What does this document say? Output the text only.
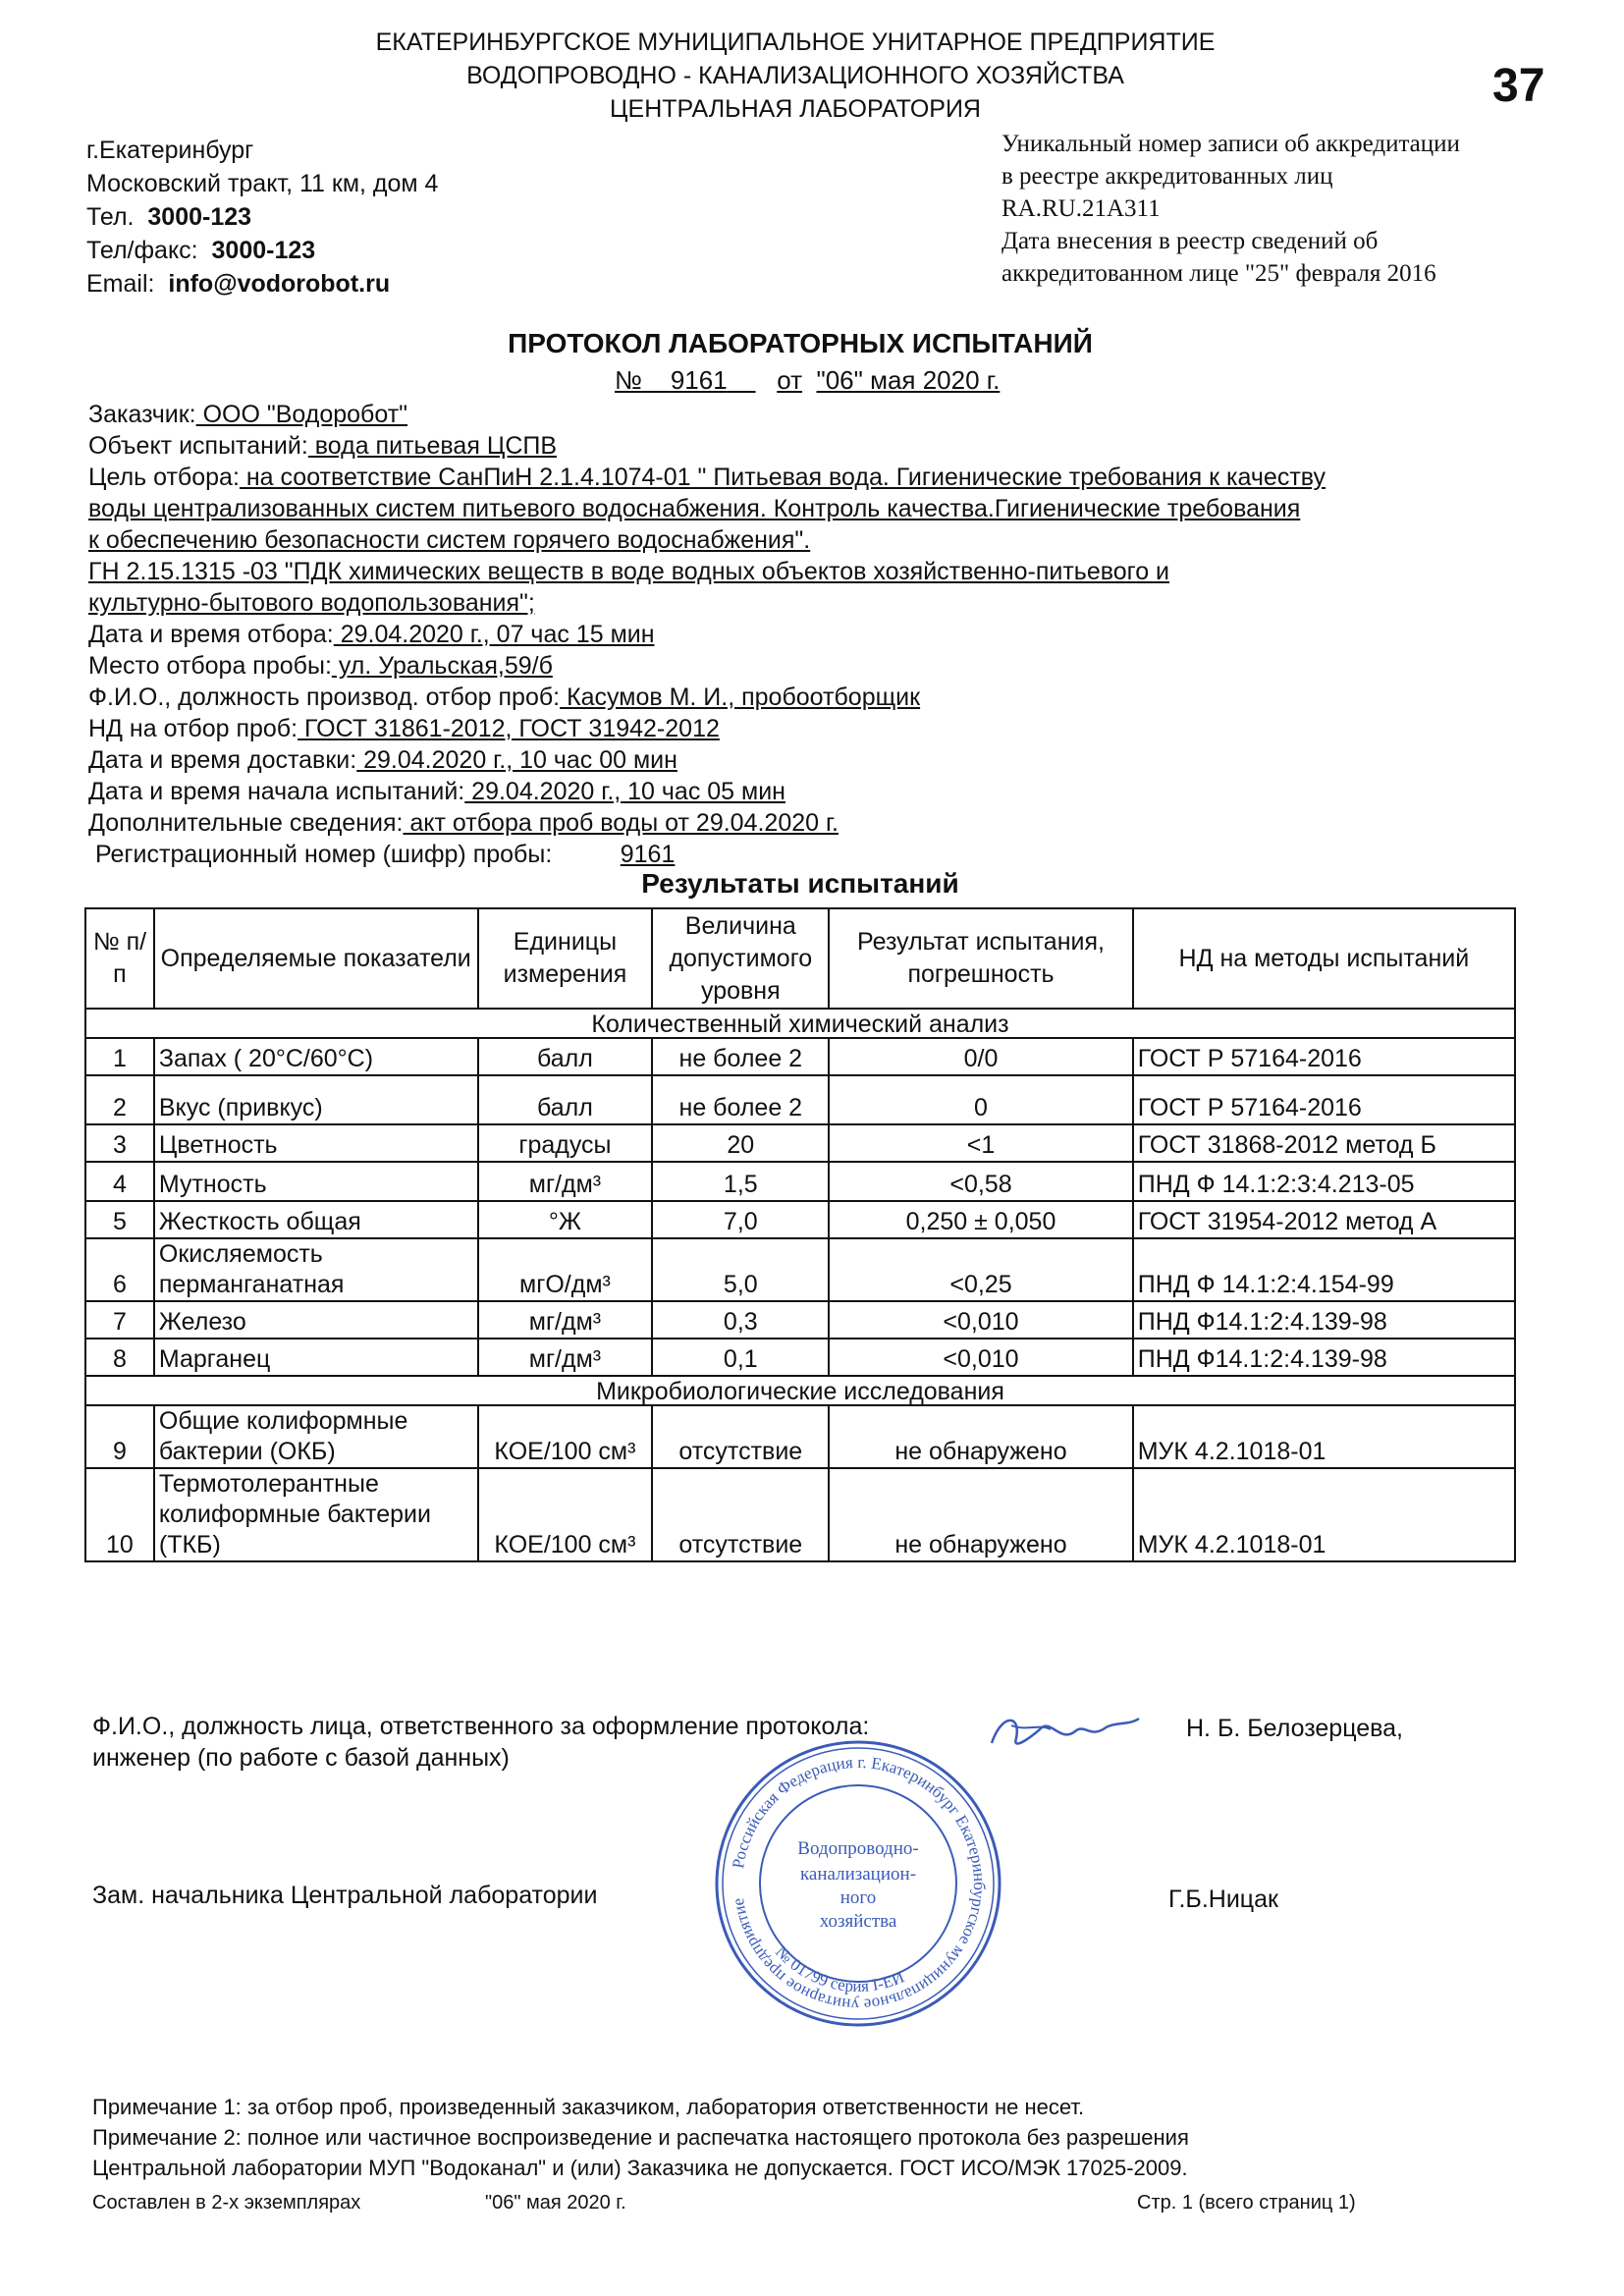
ЕКАТЕРИНБУРГСКОЕ МУНИЦИПАЛЬНОЕ УНИТАРНОЕ ПРЕДПРИЯТИЕ
ВОДОПРОВОДНО - КАНАЛИЗАЦИОННОГО ХОЗЯЙСТВА
ЦЕНТРАЛЬНАЯ ЛАБОРАТОРИЯ	37
г.Екатеринбург
Московский тракт, 11 км, дом 4
Тел. 3000-123
Тел/факс: 3000-123
Email: info@vodorobot.ru
Уникальный номер записи об аккредитации
в реестре аккредитованных лиц
RA.RU.21A311
Дата внесения в реестр сведений об
аккредитованном лице "25" февраля 2016
ПРОТОКОЛ ЛАБОРАТОРНЫХ ИСПЫТАНИЙ
№ 9161 от "06" мая 2020 г.
Заказчик: ООО "Водоробот"
Объект испытаний: вода питьевая ЦСПВ
Цель отбора: на соответствие СанПиН 2.1.4.1074-01 " Питьевая вода. Гигиенические требования к качеству
воды централизованных систем питьевого водоснабжения. Контроль качества.Гигиенические требования
к обеспечению безопасности систем горячего водоснабжения".
ГН 2.15.1315 -03 "ПДК химических веществ в воде водных объектов хозяйственно-питьевого и
культурно-бытового водопользования";
Дата и время отбора: 29.04.2020 г., 07 час 15 мин
Место отбора пробы: ул. Уральская,59/б
Ф.И.О., должность производ. отбор проб: Касумов М. И., пробоотборщик
НД на отбор проб: ГОСТ 31861-2012, ГОСТ 31942-2012
Дата и время доставки: 29.04.2020 г., 10 час 00 мин
Дата и время начала испытаний: 29.04.2020 г., 10 час 05 мин
Дополнительные сведения: акт отбора проб воды от 29.04.2020 г.
Регистрационный номер (шифр) пробы:	9161
Результаты испытаний
№ п/п	Определяемые показатели	Единицы измерения	Величина допустимого уровня	Результат испытания, погрешность	НД на методы испытаний
Количественный химический анализ					
1	Запах ( 20°С/60°С)	балл	не более 2	0/0	ГОСТ Р 57164-2016
2	Вкус (привкус)	балл	не более 2	0	ГОСТ Р 57164-2016
3	Цветность	градусы	20	<1	ГОСТ 31868-2012 метод Б
4	Мутность	мг/дм³	1,5	<0,58	ПНД Ф 14.1:2:3:4.213-05
5	Жесткость общая	°Ж	7,0	0,250 ± 0,050	ГОСТ 31954-2012 метод А
6	Окисляемость перманганатная	мгО/дм³	5,0	<0,25	ПНД Ф 14.1:2:4.154-99
7	Железо	мг/дм³	0,3	<0,010	ПНД Ф14.1:2:4.139-98
8	Марганец	мг/дм³	0,1	<0,010	ПНД Ф14.1:2:4.139-98
Микробиологические исследования					
9	Общие колиформные бактерии (ОКБ)	КОЕ/100 см³	отсутствие	не обнаружено	МУК 4.2.1018-01
10	Термотолерантные колиформные бактерии (ТКБ)	КОЕ/100 см³	отсутствие	не обнаружено	МУК 4.2.1018-01
Ф.И.О., должность лица, ответственного за оформление протокола:
инженер (по работе с базой данных)
Н. Б. Белозерцева,
Российская Федерация г. Екатеринбург Екатеринбургское муниципальное унитарное предприятие
№ 01799 серия I-ЕИ
Водопроводно-
канализацион-
ного
хозяйства
Зам. начальника Центральной лаборатории	Г.Б.Ницак
Примечание 1: за отбор проб, произведенный заказчиком, лаборатория ответственности не несет.
Примечание 2: полное или частичное воспроизведение и распечатка настоящего протокола без разрешения
Центральной лаборатории МУП "Водоканал" и (или) Заказчика не допускается. ГОСТ ИСО/МЭК 17025-2009.
Составлен в 2-х экземплярах	"06" мая 2020 г.	Стр. 1 (всего страниц 1)
